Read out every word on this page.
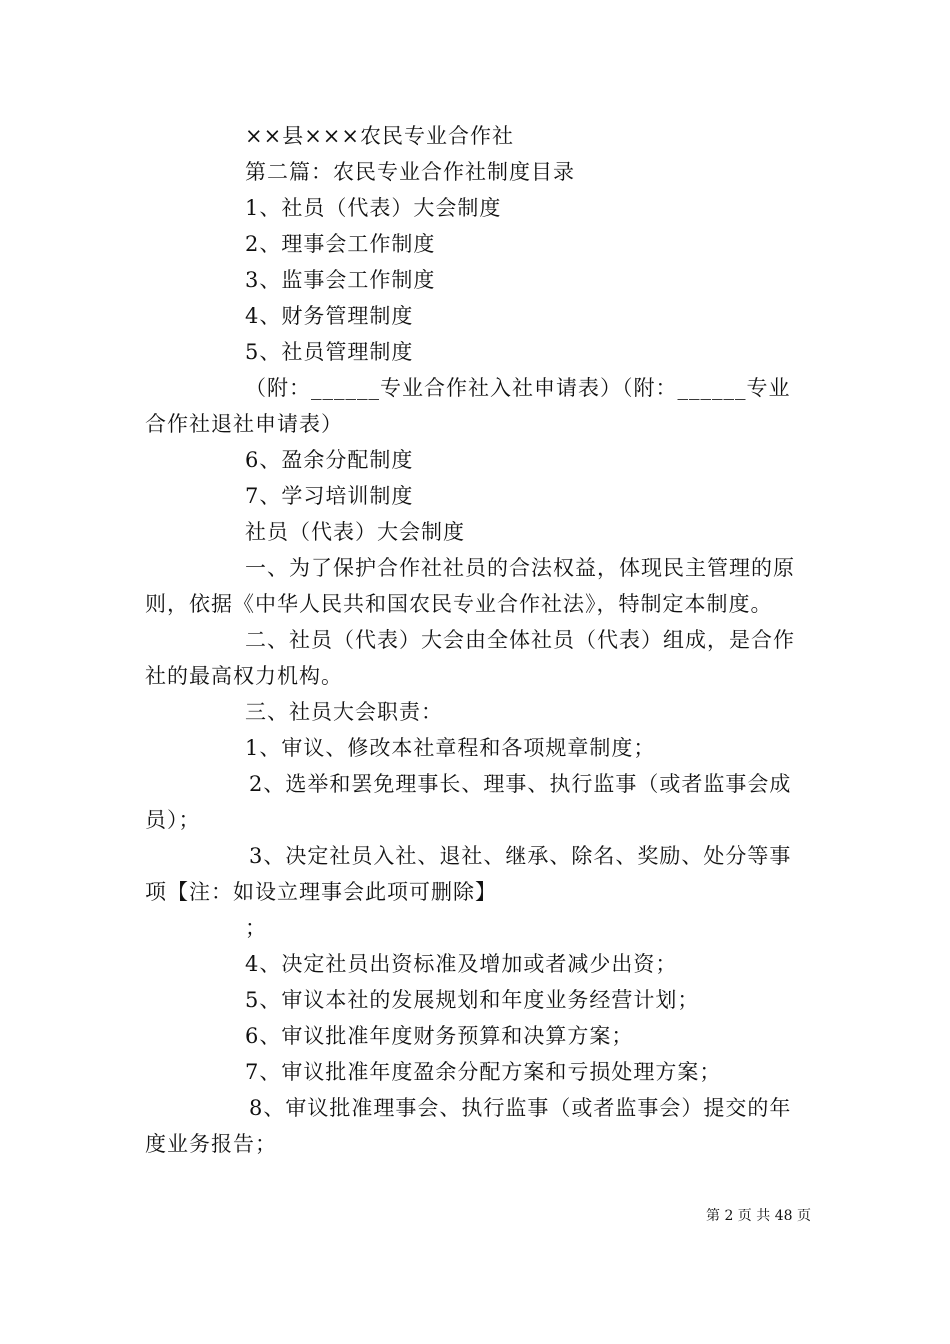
××县×××农民专业合作社

第二篇：农民专业合作社制度目录

1、社员（代表）大会制度

2、理事会工作制度

3、监事会工作制度

4、财务管理制度

5、社员管理制度

（附：______专业合作社入社申请表）（附：______专业

合作社退社申请表）

6、盈余分配制度

7、学习培训制度

社员（代表）大会制度

一、为了保护合作社社员的合法权益，体现民主管理的原

则，依据《中华人民共和国农民专业合作社法》，特制定本制度。

二、社员（代表）大会由全体社员（代表）组成，是合作

社的最高权力机构。

三、社员大会职责：

1、审议、修改本社章程和各项规章制度；

2、选举和罢免理事长、理事、执行监事（或者监事会成

员）；

3、决定社员入社、退社、继承、除名、奖励、处分等事

项【注：如设立理事会此项可删除】

；

4、决定社员出资标准及增加或者减少出资；

5、审议本社的发展规划和年度业务经营计划；

6、审议批准年度财务预算和决算方案；

7、审议批准年度盈余分配方案和亏损处理方案；

8、审议批准理事会、执行监事（或者监事会）提交的年

度业务报告；

第 2 页 共 48 页
